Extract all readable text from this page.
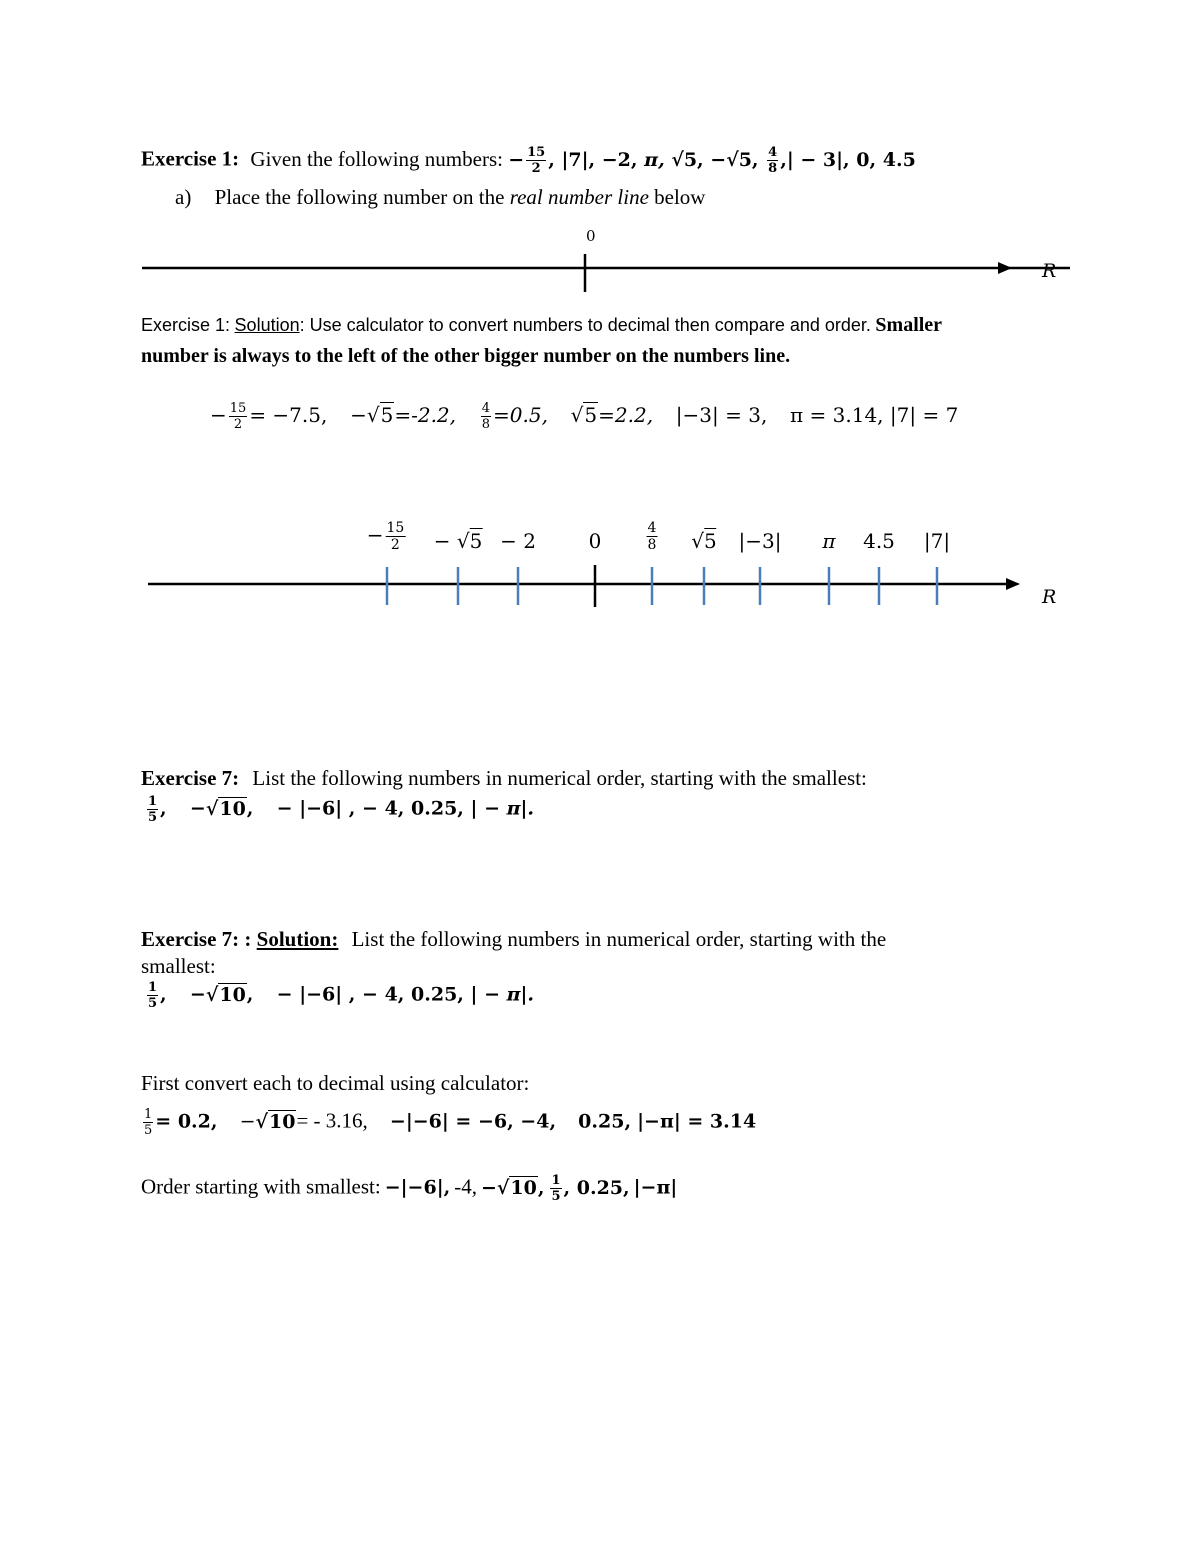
Exercise 1: Given the following numbers: − $\frac{15}{2}$ , |7|, −2, π, √5, −√5, $\frac{4}{8}$ ,| − 3|, 0, 4.5
a) Place the following number on the real number line below
0
R
Exercise 1: Solution: Use calculator to convert numbers to decimal then compare and order. Smaller
number is always to the left of the other bigger number on the numbers line.
− $\frac{15}{2} = -7.5$, −√5=-2.2, $\frac{4}{8} =0.5$, √5=2.2, |−3| = 3, π = 3.14, |7| = 7
− $\frac{15}{2} - √5 - 2$	0	$\frac{4}{8} √5$ |−3| π 4.5 |7|
R
Exercise 7: List the following numbers in numerical order, starting with the smallest:
$\frac{1}{5}$ , −√10, − |−6| , − 4, 0.25, | − π|.
Exercise 7: : Solution: List the following numbers in numerical order, starting with the
smallest:
$\frac{1}{5}$ , −√10, − |−6| , − 4, 0.25, | − π|.
First convert each to decimal using calculator:
$\frac{1}{5} = 0.2$, −√10= - 3.16, −|−6| = −6, −4, 0.25, |−π| = 3.14
Order starting with smallest: −|−6|, -4, −√10, $\frac{1}{5}$ , 0.25, |−π|
